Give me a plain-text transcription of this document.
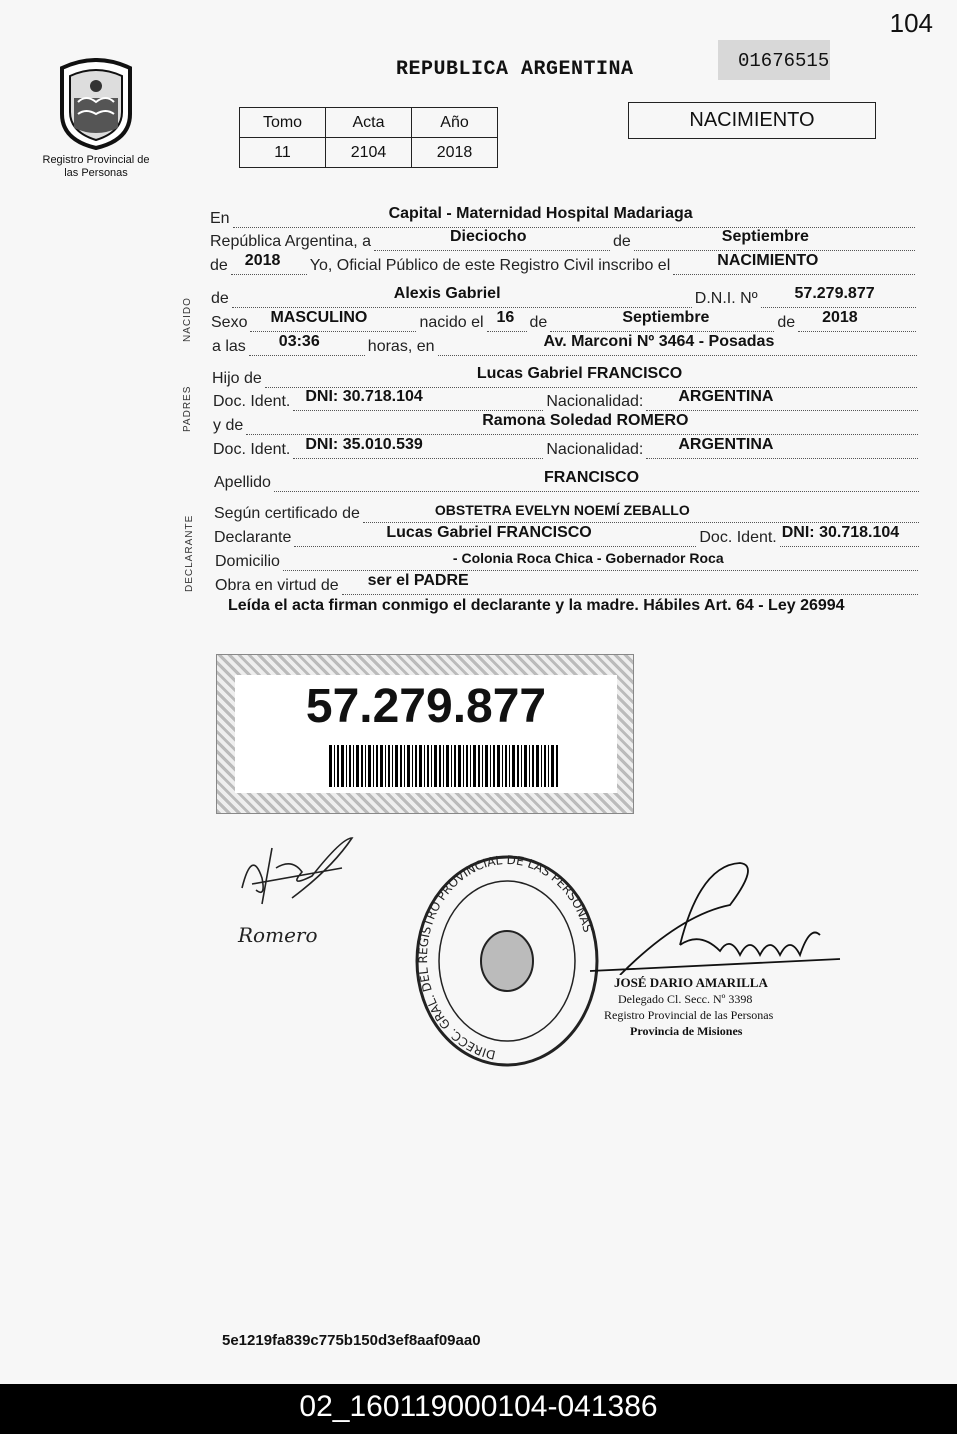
104
Registro Provincial de las Personas
REPUBLICA ARGENTINA	01676515
Tomo	Acta	Año
11	2104	2018
NACIMIENTO
NACIDO
PADRES
DECLARANTE
En	Capital - Maternidad Hospital Madariaga
República Argentina, a	Dieciocho	de	Septiembre
de 2018 Yo, Oficial Público de este Registro Civil inscribo el	NACIMIENTO
de	Alexis Gabriel	D.N.I. Nº 57.279.877
Sexo MASCULINO	nacido el 16 de	Septiembre	de 2018
a las 03:36	horas, en	Av. Marconi Nº 3464 - Posadas
Hijo de	Lucas Gabriel FRANCISCO
Doc. Ident. DNI: 30.718.104	Nacionalidad: ARGENTINA
y de	Ramona Soledad ROMERO
Doc. Ident. DNI: 35.010.539	Nacionalidad: ARGENTINA
Apellido	FRANCISCO
Según certificado de	OBSTETRA EVELYN NOEMÍ ZEBALLO
Declarante	Lucas Gabriel FRANCISCO	Doc. Ident. DNI: 30.718.104
Domicilio	- Colonia Roca Chica - Gobernador Roca
Obra en virtud de ser el PADRE
Leída el acta firman conmigo el declarante y la madre. Hábiles Art. 64 - Ley 26994
57.279.877
Romero
DIRECC. GRAL. DEL REGISTRO PROVINCIAL DE LAS PERSONAS
JOSÉ DARIO AMARILLA
Delegado Cl. Secc. Nº 3398
Registro Provincial de las Personas
Provincia de Misiones
5e1219fa839c775b150d3ef8aaf09aa0
02_160119000104-041386
